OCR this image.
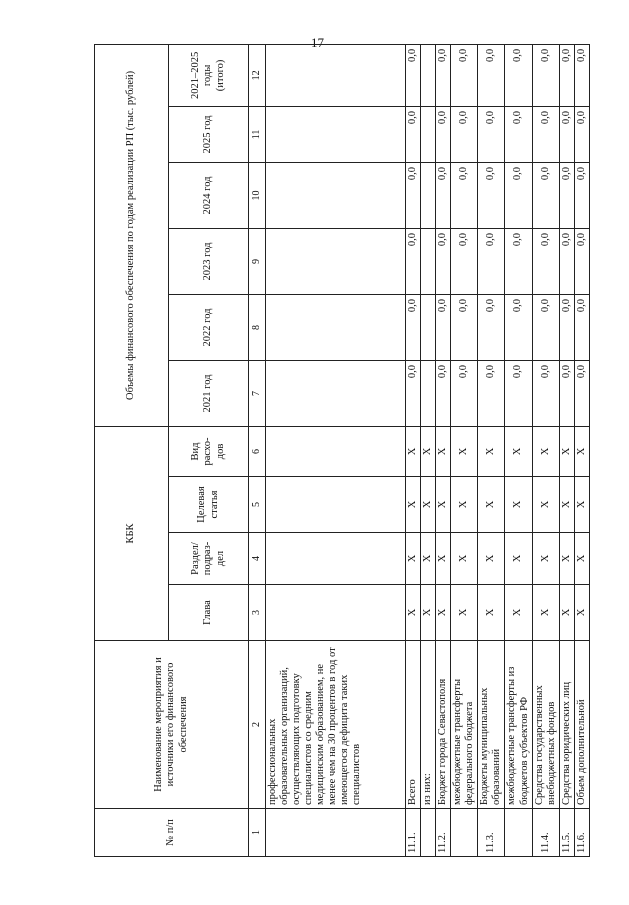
17
№ п/п	Наименование мероприятия и источники его финансового обеспечения	КБК				Объемы финансового обеспечения по годам реализации РП (тыс. рублей)					
		Глава	Раздел/ подраз- дел	Целевая статья	Вид расхо- дов	2021 год	2022 год	2023 год	2024 год	2025 год	2021–2025 годы (итого)
1	2	3	4	5	6	7	8	9	10	11	12
	профессиональных образовательных организаций, осуществляющих подготовку специалистов со средним медицинским образованием, не менее чем на 30 процентов в год от имеющегося дефицита таких специалистов										
11.1.	Всего	Х	Х	Х	Х	0,0	0,0	0,0	0,0	0,0	0,0
	из них:	Х	Х	Х	Х						
11.2.	Бюджет города Севастополя	Х	Х	Х	Х	0,0	0,0	0,0	0,0	0,0	0,0
	межбюджетные трансферты федерального бюджета	Х	Х	Х	Х	0,0	0,0	0,0	0,0	0,0	0,0
11.3.	Бюджеты муниципальных образований	Х	Х	Х	Х	0,0	0,0	0,0	0,0	0,0	0,0
	межбюджетные трансферты из бюджетов субъектов РФ	Х	Х	Х	Х	0,0	0,0	0,0	0,0	0,0	0,0
11.4.	Средства государственных внебюджетных фондов	Х	Х	Х	Х	0,0	0,0	0,0	0,0	0,0	0,0
11.5.	Средства юридических лиц	Х	Х	Х	Х	0,0	0,0	0,0	0,0	0,0	0,0
11.6.	Объем дополнительной	Х	Х	Х	Х	0,0	0,0	0,0	0,0	0,0	0,0
